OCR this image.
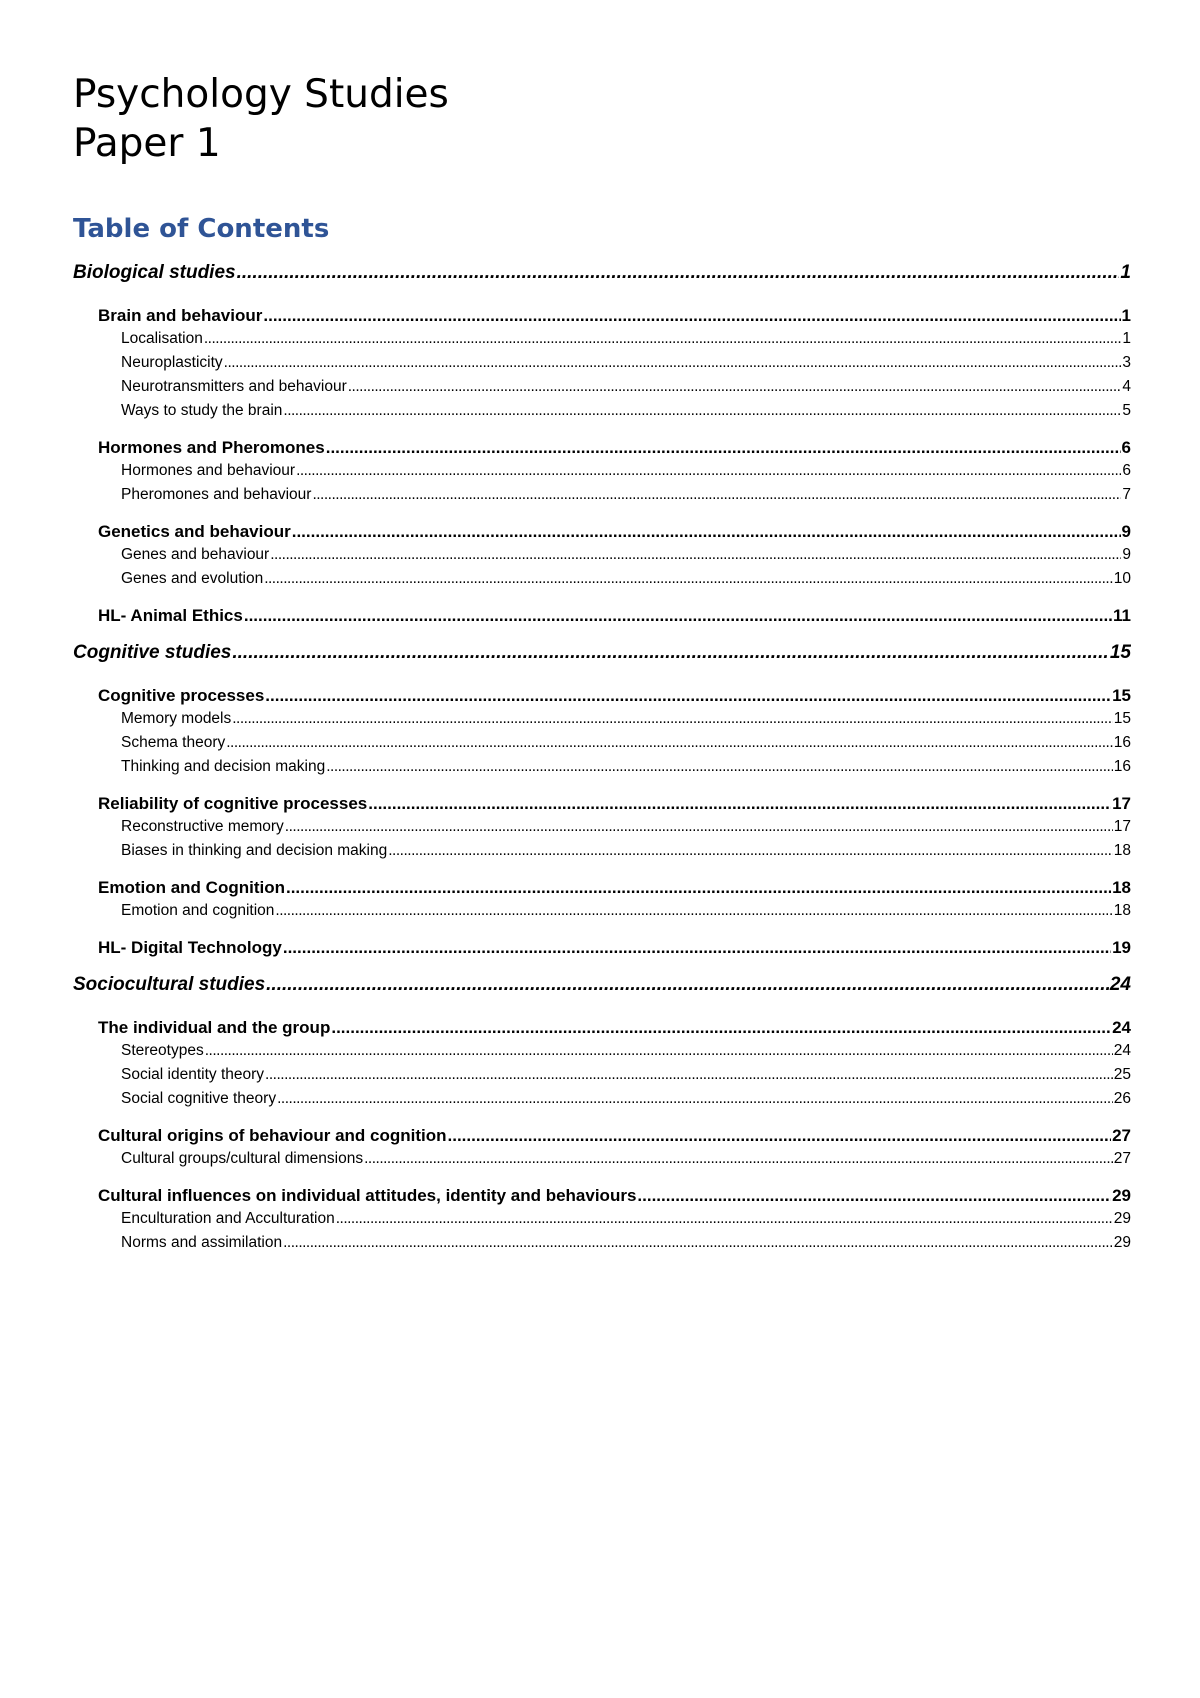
Psychology Studies
Paper 1
Table of Contents
Biological studies .....	1
Brain and behaviour .....	1
Localisation .....	1
Neuroplasticity .....	3
Neurotransmitters and behaviour .....	4
Ways to study the brain .....	5
Hormones and Pheromones .....	6
Hormones and behaviour .....	6
Pheromones and behaviour .....	7
Genetics and behaviour .....	9
Genes and behaviour .....	9
Genes and evolution .....	10
HL- Animal Ethics .....	11
Cognitive studies .....	15
Cognitive processes .....	15
Memory models .....	15
Schema theory .....	16
Thinking and decision making .....	16
Reliability of cognitive processes .....	17
Reconstructive memory .....	17
Biases in thinking and decision making .....	18
Emotion and Cognition .....	18
Emotion and cognition .....	18
HL- Digital Technology .....	19
Sociocultural studies .....	24
The individual and the group .....	24
Stereotypes .....	24
Social identity theory .....	25
Social cognitive theory .....	26
Cultural origins of behaviour and cognition .....	27
Cultural groups/cultural dimensions .....	27
Cultural influences on individual attitudes, identity and behaviours .....	29
Enculturation and Acculturation .....	29
Norms and assimilation .....	29
